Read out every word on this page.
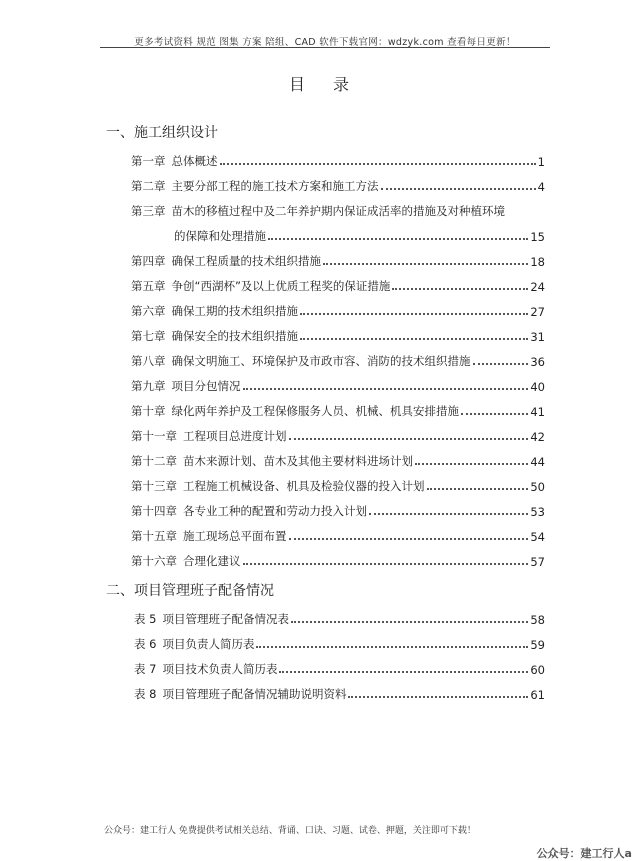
更多考试资料 规范 图集 方案 陪组、CAD 软件下载官网：wdzyk.com 查看每日更新！
目录
一、施工组织设计
第一章 总体概述	1
第二章 主要分部工程的施工技术方案和施工方法	4
第三章 苗木的移植过程中及二年养护期内保证成活率的措施及对种植环境
的保障和处理措施	15
第四章 确保工程质量的技术组织措施	18
第五章 争创“西湖杯”及以上优质工程奖的保证措施	24
第六章 确保工期的技术组织措施	27
第七章 确保安全的技术组织措施	31
第八章 确保文明施工、环境保护及市政市容、消防的技术组织措施	36
第九章 项目分包情况	40
第十章 绿化两年养护及工程保修服务人员、机械、机具安排措施	41
第十一章 工程项目总进度计划	42
第十二章 苗木来源计划、苗木及其他主要材料进场计划	44
第十三章 工程施工机械设备、机具及检验仪器的投入计划	50
第十四章 各专业工种的配置和劳动力投入计划	53
第十五章 施工现场总平面布置	54
第十六章 合理化建议	57
二、项目管理班子配备情况
表 5 项目管理班子配备情况表	58
表 6 项目负责人简历表	59
表 7 项目技术负责人简历表	60
表 8 项目管理班子配备情况辅助说明资料	61
公众号：建工行人 免费提供考试相关总结、背诵、口诀、习题、试卷、押题，关注即可下载！
公众号：建工行人a
